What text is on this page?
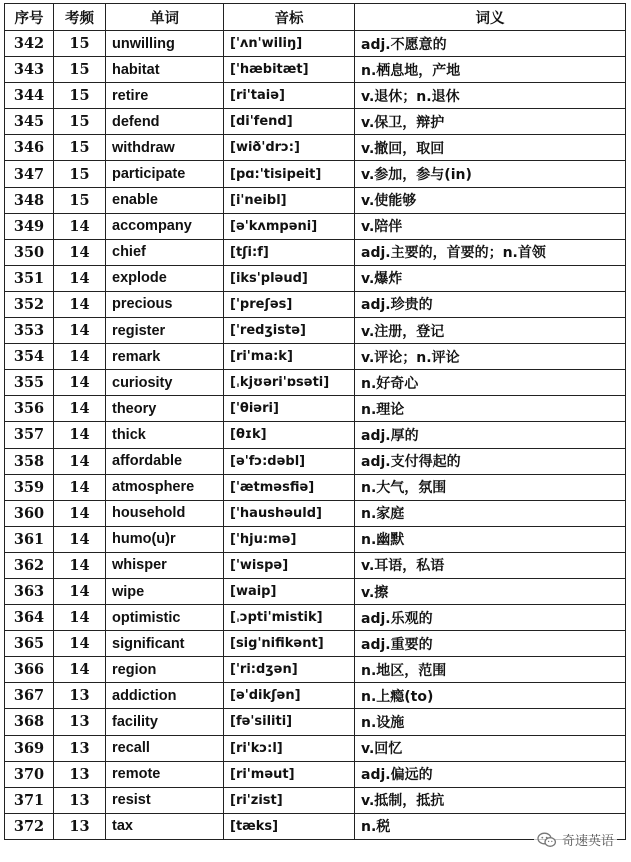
序号	考频	单词	音标	词义
342	15	unwilling	['ʌn'wiliŋ]	adj.不愿意的
343	15	habitat	['hæbitæt]	n.栖息地，产地
344	15	retire	[ri'taiə]	v.退休；n.退休
345	15	defend	[di'fend]	v.保卫，辩护
346	15	withdraw	[wið'drɔ:]	v.撤回，取回
347	15	participate	[pɑ:'tisipeit]	v.参加，参与(in)
348	15	enable	[i'neibl]	v.使能够
349	14	accompany	[ə'kʌmpəni]	v.陪伴
350	14	chief	[tʃi:f]	adj.主要的，首要的；n.首领
351	14	explode	[iks'pləud]	v.爆炸
352	14	precious	['preʃəs]	adj.珍贵的
353	14	register	['redʒistə]	v.注册，登记
354	14	remark	[ri'ma:k]	v.评论；n.评论
355	14	curiosity	[ˌkjʊəri'ɒsəti]	n.好奇心
356	14	theory	['θiəri]	n.理论
357	14	thick	[θɪk]	adj.厚的
358	14	affordable	[ə'fɔ:dəbl]	adj.支付得起的
359	14	atmosphere	['ætməsfiə]	n.大气，氛围
360	14	household	['haushəuld]	n.家庭
361	14	humo(u)r	['hju:mə]	n.幽默
362	14	whisper	['wispə]	v.耳语，私语
363	14	wipe	[waip]	v.擦
364	14	optimistic	[ˌɔpti'mistik]	adj.乐观的
365	14	significant	[sig'nifikənt]	adj.重要的
366	14	region	['ri:dʒən]	n.地区，范围
367	13	addiction	[ə'dikʃən]	n.上瘾(to)
368	13	facility	[fə'siliti]	n.设施
369	13	recall	[ri'kɔ:l]	v.回忆
370	13	remote	[ri'məut]	adj.偏远的
371	13	resist	[ri'zist]	v.抵制，抵抗
372	13	tax	[tæks]	n.税
奇速英语
